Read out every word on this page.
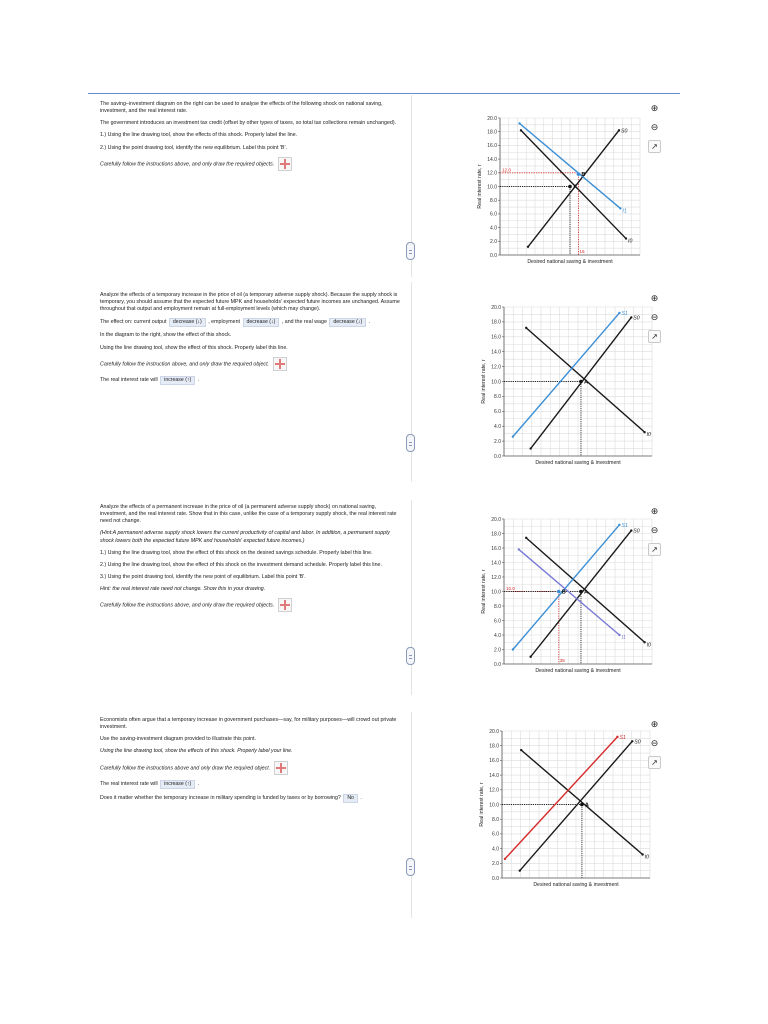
The saving–investment diagram on the right can be used to analyse the effects of the following shock on national saving, investment, and the real interest rate.

The government introduces an investment tax credit (offset by other types of taxes, so total tax collections remain unchanged).

1.) Using the line drawing tool, show the effects of this shock. Properly label the line.

2.) Using the point drawing tool, identify the new equilibrium. Label this point 'B'.

Carefully follow the instructions above, and only draw the required objects.

0.0
2.0
4.0
6.0
8.0
10.0
12.0
14.0
16.0
18.0
20.0
Desired national saving & investment
Real interest rate, r	12.0
16
S0
I0
I1
A
B
⊕
⊖
↗

Analyze the effects of a temporary increase in the price of oil (a temporary adverse supply shock). Because the supply shock is temporary, you should assume that the expected future MPK and households' expected future incomes are unchanged. Assume throughout that output and employment remain at full-employment levels (which may change).

The effect on: current output decrease (↓) , employment decrease (↓) , and the real wage decrease (↓) .

In the diagram to the right, show the effect of this shock.

Using the line drawing tool, show the effect of this shock. Properly label this line.

Carefully follow the instruction above, and only draw the required object.

The real interest rate will increase (↑) .

0.0
2.0
4.0
6.0
8.0
10.0
12.0
14.0
16.0
18.0
20.0
Desired national saving & investment
Real interest rate, r
S0
I0
S1
A
⊕
⊖
↗

Analyze the effects of a permanent increase in the price of oil (a permanent adverse supply shock) on national saving, investment, and the real interest rate. Show that in this case, unlike the case of a temporary supply shock, the real interest rate need not change.

(Hint:A permanent adverse supply shock lowers the current productivity of capital and labor. In addition, a permanent supply shock lowers both the expected future MPK and households' expected future incomes.)

1.) Using the line drawing tool, show the effect of this shock on the desired savings schedule. Properly label this line.

2.) Using the line drawing tool, show the effect of this shock on the investment demand schedule. Properly label this line.

3.) Using the point drawing tool, identify the new point of equilibrium. Label this point 'B'.

Hint: the real interest rate need not change. Show this in your drawing.

Carefully follow the instructions above, and only draw the required objects.

0.0
2.0
4.0
6.0
8.0
10.0
12.0
14.0
16.0
18.0
20.0
Desired national saving & investment
Real interest rate, r	10.0
35
S0
I0
S1
I1
A
B
⊕
⊖
↗

Economists often argue that a temporary increase in government purchases—say, for military purposes—will crowd out private investment.

Use the saving-investment diagram provided to illustrate this point.

Using the line drawing tool, show the effects of this shock. Properly label your line.

Carefully follow the instructions above and only draw the required object.

The real interest rate will increase (↑) .

Does it matter whether the temporary increase in military spending is funded by taxes or by borrowing? No .

0.0
2.0
4.0
6.0
8.0
10.0
12.0
14.0
16.0
18.0
20.0
Desired national saving & investment
Real interest rate, r
S0
I0
S1
A
⊕
⊖
↗
